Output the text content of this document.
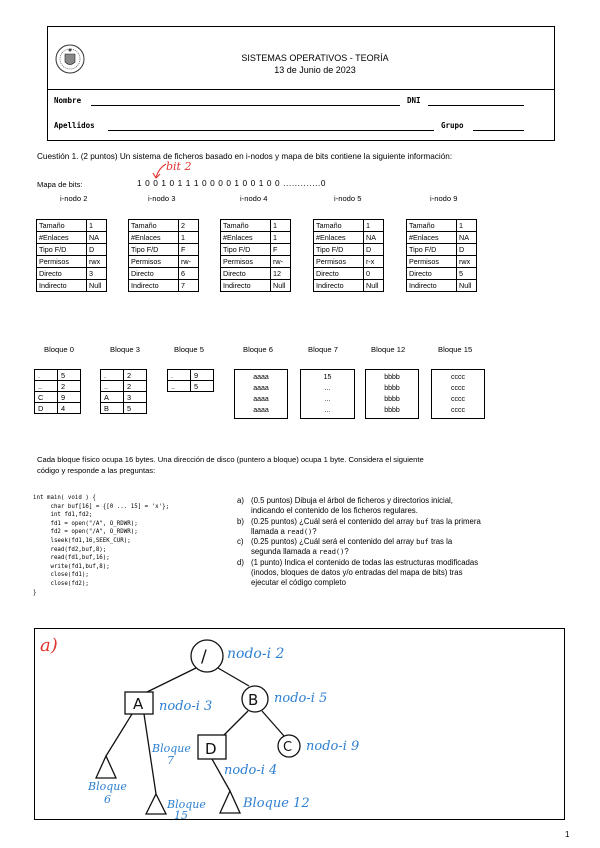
SISTEMAS OPERATIVOS - TEORÍA
13 de Junio de 2023
Nombre	DNI
Apellidos	Grupo
Cuestión 1. (2 puntos) Un sistema de ficheros basado en i-nodos y mapa de bits contiene la siguiente información:
Mapa de bits:	1 0 0 1 0 1 1 1 0 0 0 0 1 0 0 1 0 0 .............0
bit 2
i-nodo 2
Tamaño	1
#Enlaces	NA
Tipo F/D	D
Permisos	rwx
Directo	3
Indirecto	Null
i-nodo 3
Tamaño	2
#Enlaces	1
Tipo F/D	F
Permisos	rw-
Directo	6
Indirecto	7
i-nodo 4
Tamaño	1
#Enlaces	1
Tipo F/D	F
Permisos	rw-
Directo	12
Indirecto	Null
i-nodo 5
Tamaño	1
#Enlaces	NA
Tipo F/D	D
Permisos	r-x
Directo	0
Indirecto	Null
i-nodo 9
Tamaño	1
#Enlaces	NA
Tipo F/D	D
Permisos	rwx
Directo	5
Indirecto	Null
Bloque 0	Bloque 3	Bloque 5	Bloque 6	Bloque 7	Bloque 12	Bloque 15
.	5
..	2
C	9
D	4
.	2
..	2
A	3
B	5
.	9
..	5
aaaa
aaaa
aaaa
aaaa
15
...
...
...
bbbb
bbbb
bbbb
bbbb
cccc
cccc
cccc
cccc
Cada bloque físico ocupa 16 bytes. Una dirección de disco (puntero a bloque) ocupa 1 byte. Considera el siguiente
código y responde a las preguntas:
int main( void ) {
char buf[16] = {[0 ... 15] = 'x'};
int fd1,fd2;
fd1 = open("/A", O_RDWR);
fd2 = open("/A", O_RDWR);
lseek(fd1,16,SEEK_CUR);
read(fd2,buf,8);
read(fd1,buf,16);
write(fd1,buf,8);
close(fd1);
close(fd2);
}
a) (0.5 puntos) Dibuja el árbol de ficheros y directorios inicial,
indicando el contenido de los ficheros regulares.
b) (0.25 puntos) ¿Cuál será el contenido del array buf tras la primera
llamada a read()?
c) (0.25 puntos) ¿Cuál será el contenido del array buf tras la
segunda llamada a read()?
d) (1 punto) Indica el contenido de todas las estructuras modificadas
(inodos, bloques de datos y/o entradas del mapa de bits) tras
ejecutar el código completo
/
A	B
D	C
nodo-i 2
nodo-i 3
nodo-i 5
nodo-i 9
nodo-i 4
Bloque
7
Bloque
6	Bloque
15
Bloque 12
a)
1
